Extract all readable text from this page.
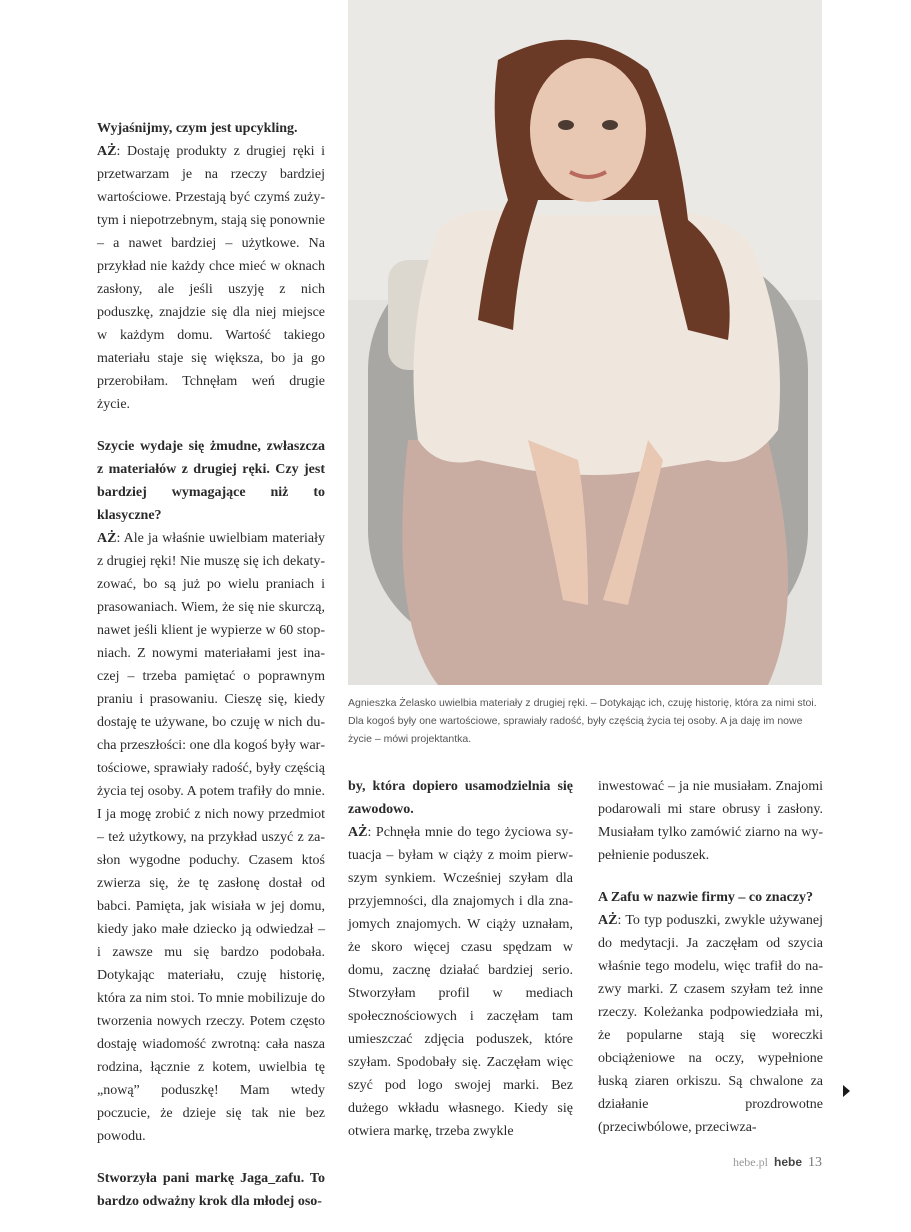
Wyjaśnijmy, czym jest upcykling.
AŻ: Dostaję produkty z drugiej ręki i przetwarzam je na rzeczy bardziej wartościowe. Przestają być czymś zużytym i niepotrzebnym, stają się ponownie – a nawet bardziej – użytkowe. Na przykład nie każdy chce mieć w oknach zasłony, ale jeśli uszyję z nich poduszkę, znajdzie się dla niej miejsce w każdym domu. Wartość takiego materiału staje się większa, bo ja go przerobiłam. Tchnęłam weń drugie życie.

Szycie wydaje się żmudne, zwłaszcza z materiałów z drugiej ręki. Czy jest bardziej wymagające niż to klasyczne?
AŻ: Ale ja właśnie uwielbiam materiały z drugiej ręki! Nie muszę się ich dekatyzować, bo są już po wielu praniach i prasowaniach. Wiem, że się nie skurczą, nawet jeśli klient je wypierze w 60 stopniach. Z nowymi materiałami jest inaczej – trzeba pamiętać o poprawnym praniu i prasowaniu. Cieszę się, kiedy dostaję te używane, bo czuję w nich ducha przeszłości: one dla kogoś były wartościowe, sprawiały radość, były częścią życia tej osoby. A potem trafiły do mnie. I ja mogę zrobić z nich nowy przedmiot – też użytkowy, na przykład uszyć z zasłon wygodne poduchy. Czasem ktoś zwierza się, że tę zasłonę dostał od babci. Pamięta, jak wisiała w jej domu, kiedy jako małe dziecko ją odwiedzał – i zawsze mu się bardzo podobała. Dotykając materiału, czuję historię, która za nim stoi. To mnie mobilizuje do tworzenia nowych rzeczy. Potem często dostaję wiadomość zwrotną: cała nasza rodzina, łącznie z kotem, uwielbia tę „nową” poduszkę! Mam wtedy poczucie, że dzieje się tak nie bez powodu.

Stworzyła pani markę Jaga_zafu. To bardzo odważny krok dla młodej oso-

Agnieszka Żelasko uwielbia materiały z drugiej ręki. – Dotykając ich, czuję historię, która za nimi stoi. Dla kogoś były one wartościowe, sprawiały radość, były częścią życia tej osoby. A ja daję im nowe życie – mówi projektantka.

by, która dopiero usamodzielnia się zawodowo.
AŻ: Pchnęła mnie do tego życiowa sytuacja – byłam w ciąży z moim pierwszym synkiem. Wcześniej szyłam dla przyjemności, dla znajomych i dla znajomych znajomych. W ciąży uznałam, że skoro więcej czasu spędzam w domu, zacznę działać bardziej serio. Stworzyłam profil w mediach społecznościowych i zaczęłam tam umieszczać zdjęcia poduszek, które szyłam. Spodobały się. Zaczęłam więc szyć pod logo swojej marki. Bez dużego wkładu własnego. Kiedy się otwiera markę, trzeba zwykle

inwestować – ja nie musiałam. Znajomi podarowali mi stare obrusy i zasłony. Musiałam tylko zamówić ziarno na wypełnienie poduszek.

A Zafu w nazwie firmy – co znaczy?
AŻ: To typ poduszki, zwykle używanej do medytacji. Ja zaczęłam od szycia właśnie tego modelu, więc trafił do nazwy marki. Z czasem szyłam też inne rzeczy. Koleżanka podpowiedziała mi, że popularne stają się woreczki obciążeniowe na oczy, wypełnione łuską ziaren orkiszu. Są chwalone za działanie prozdrowotne (przeciwbólowe, przeciwza-

hebe.pl hebe 13
